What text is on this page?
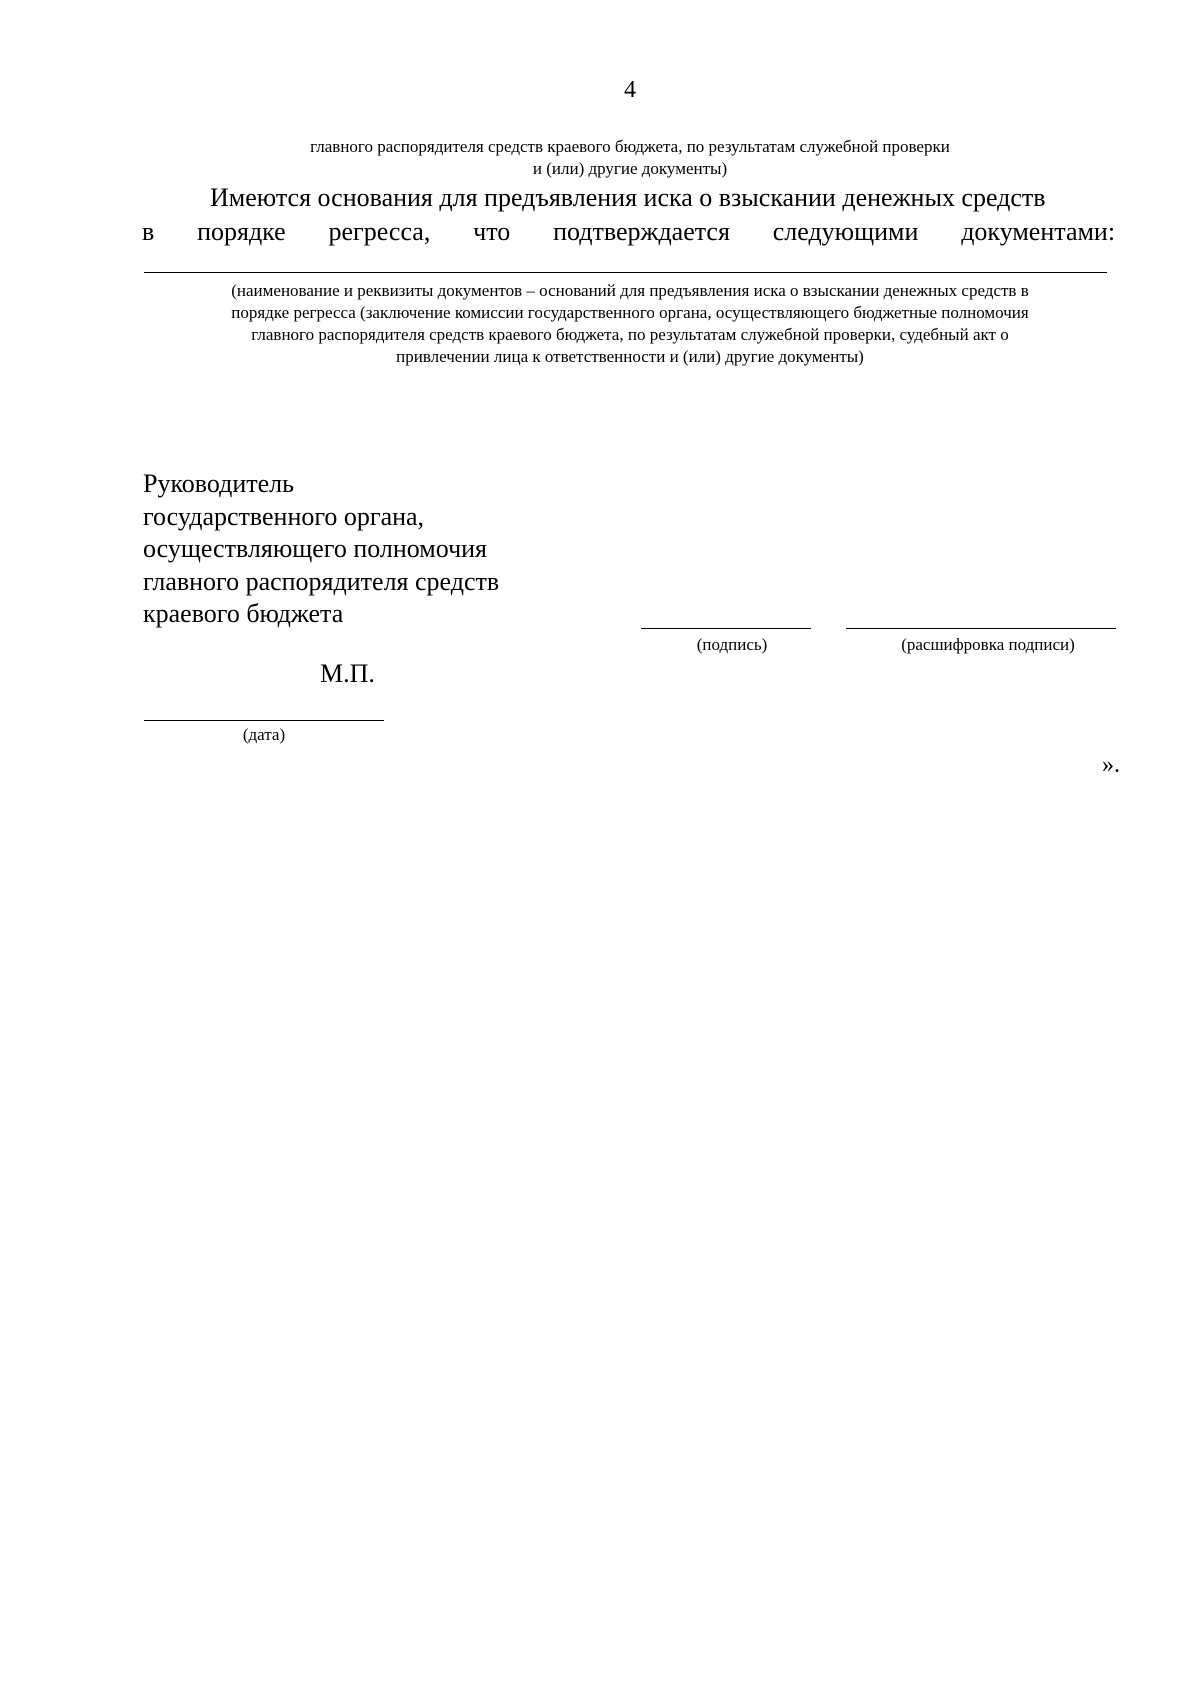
4
главного распорядителя средств краевого бюджета, по результатам служебной проверки
и (или) другие документы)
Имеются основания для предъявления иска о взыскании денежных средств
в порядке регресса, что подтверждается следующими документами:
(наименование и реквизиты документов – оснований для предъявления иска о взыскании денежных средств в
порядке регресса (заключение комиссии государственного органа, осуществляющего бюджетные полномочия
главного распорядителя средств краевого бюджета, по результатам служебной проверки, судебный акт о
привлечении лица к ответственности и (или) другие документы)
Руководитель
государственного органа,
осуществляющего полномочия
главного распорядителя средств
краевого бюджета
(подпись)	(расшифровка подписи)
М.П.
(дата)
».
